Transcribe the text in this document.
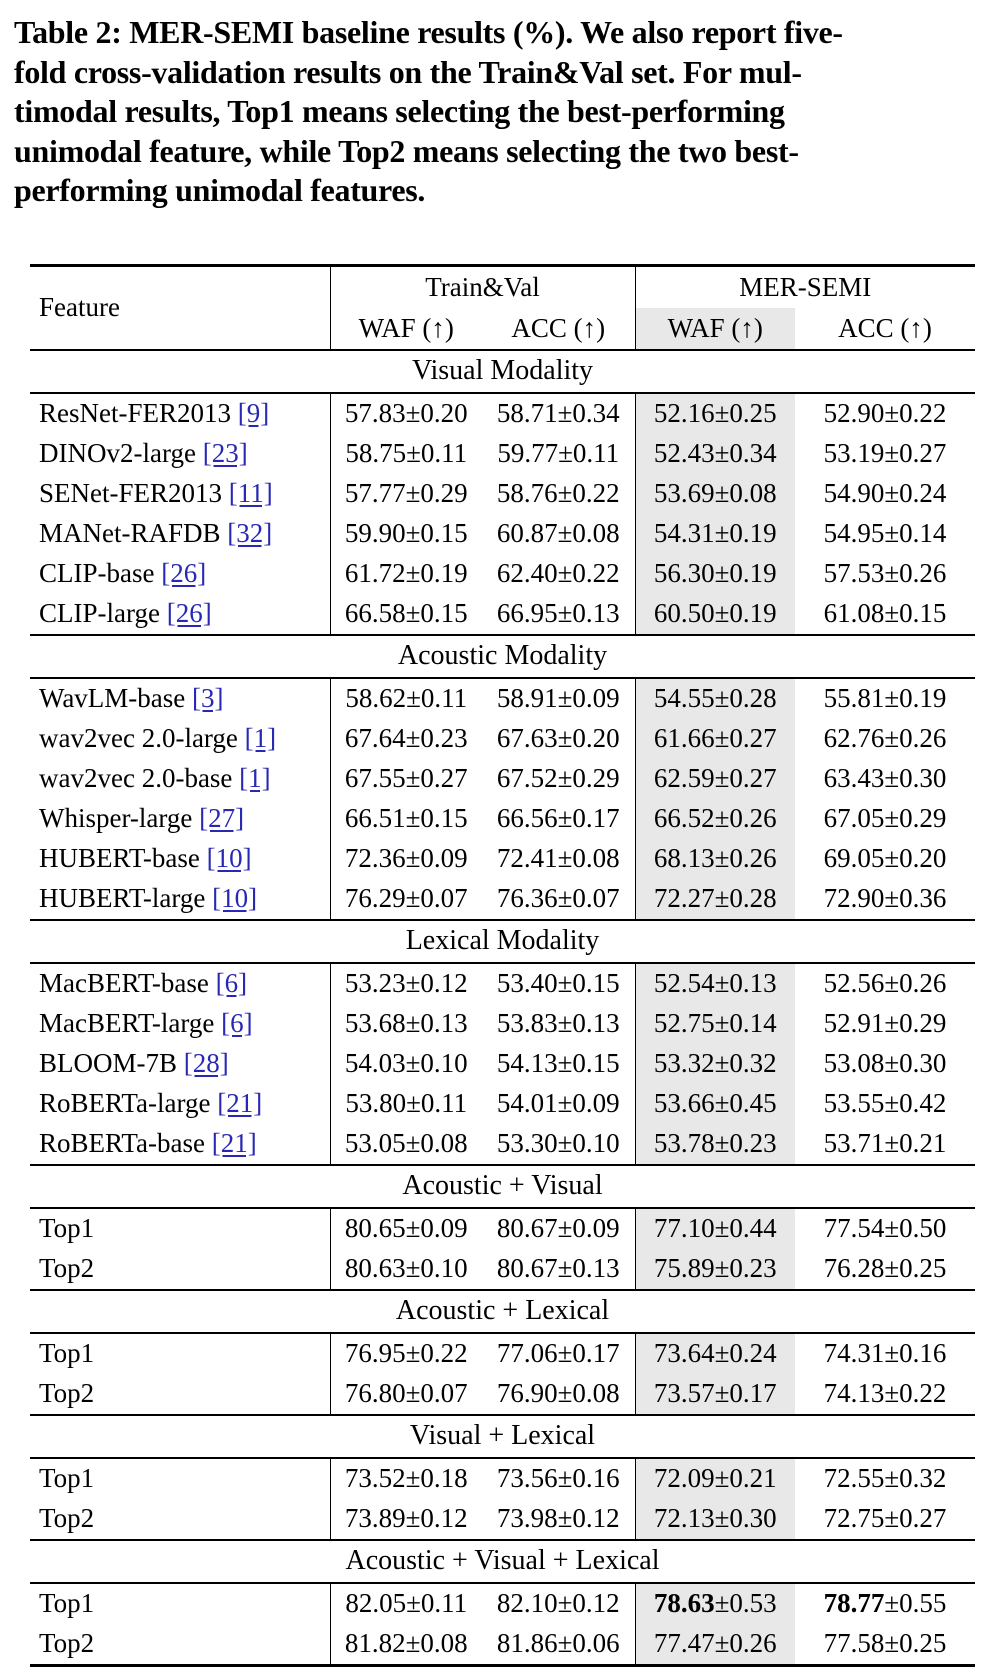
Table 2: MER-SEMI baseline results (%). We also report five-
fold cross-validation results on the Train&Val set. For mul-
timodal results, Top1 means selecting the best-performing
unimodal feature, while Top2 means selecting the two best-
performing unimodal features.
Feature	Train&Val		MER-SEMI	
	WAF (↑)	ACC (↑)	WAF (↑)	ACC (↑)
Visual Modality				
ResNet-FER2013 [9]	57.83±0.20	58.71±0.34	52.16±0.25	52.90±0.22
DINOv2-large [23]	58.75±0.11	59.77±0.11	52.43±0.34	53.19±0.27
SENet-FER2013 [11]	57.77±0.29	58.76±0.22	53.69±0.08	54.90±0.24
MANet-RAFDB [32]	59.90±0.15	60.87±0.08	54.31±0.19	54.95±0.14
CLIP-base [26]	61.72±0.19	62.40±0.22	56.30±0.19	57.53±0.26
CLIP-large [26]	66.58±0.15	66.95±0.13	60.50±0.19	61.08±0.15
Acoustic Modality				
WavLM-base [3]	58.62±0.11	58.91±0.09	54.55±0.28	55.81±0.19
wav2vec 2.0-large [1]	67.64±0.23	67.63±0.20	61.66±0.27	62.76±0.26
wav2vec 2.0-base [1]	67.55±0.27	67.52±0.29	62.59±0.27	63.43±0.30
Whisper-large [27]	66.51±0.15	66.56±0.17	66.52±0.26	67.05±0.29
HUBERT-base [10]	72.36±0.09	72.41±0.08	68.13±0.26	69.05±0.20
HUBERT-large [10]	76.29±0.07	76.36±0.07	72.27±0.28	72.90±0.36
Lexical Modality				
MacBERT-base [6]	53.23±0.12	53.40±0.15	52.54±0.13	52.56±0.26
MacBERT-large [6]	53.68±0.13	53.83±0.13	52.75±0.14	52.91±0.29
BLOOM-7B [28]	54.03±0.10	54.13±0.15	53.32±0.32	53.08±0.30
RoBERTa-large [21]	53.80±0.11	54.01±0.09	53.66±0.45	53.55±0.42
RoBERTa-base [21]	53.05±0.08	53.30±0.10	53.78±0.23	53.71±0.21
Acoustic + Visual				
Top1	80.65±0.09	80.67±0.09	77.10±0.44	77.54±0.50
Top2	80.63±0.10	80.67±0.13	75.89±0.23	76.28±0.25
Acoustic + Lexical				
Top1	76.95±0.22	77.06±0.17	73.64±0.24	74.31±0.16
Top2	76.80±0.07	76.90±0.08	73.57±0.17	74.13±0.22
Visual + Lexical				
Top1	73.52±0.18	73.56±0.16	72.09±0.21	72.55±0.32
Top2	73.89±0.12	73.98±0.12	72.13±0.30	72.75±0.27
Acoustic + Visual + Lexical				
Top1	82.05±0.11	82.10±0.12	78.63±0.53	78.77±0.55
Top2	81.82±0.08	81.86±0.06	77.47±0.26	77.58±0.25
